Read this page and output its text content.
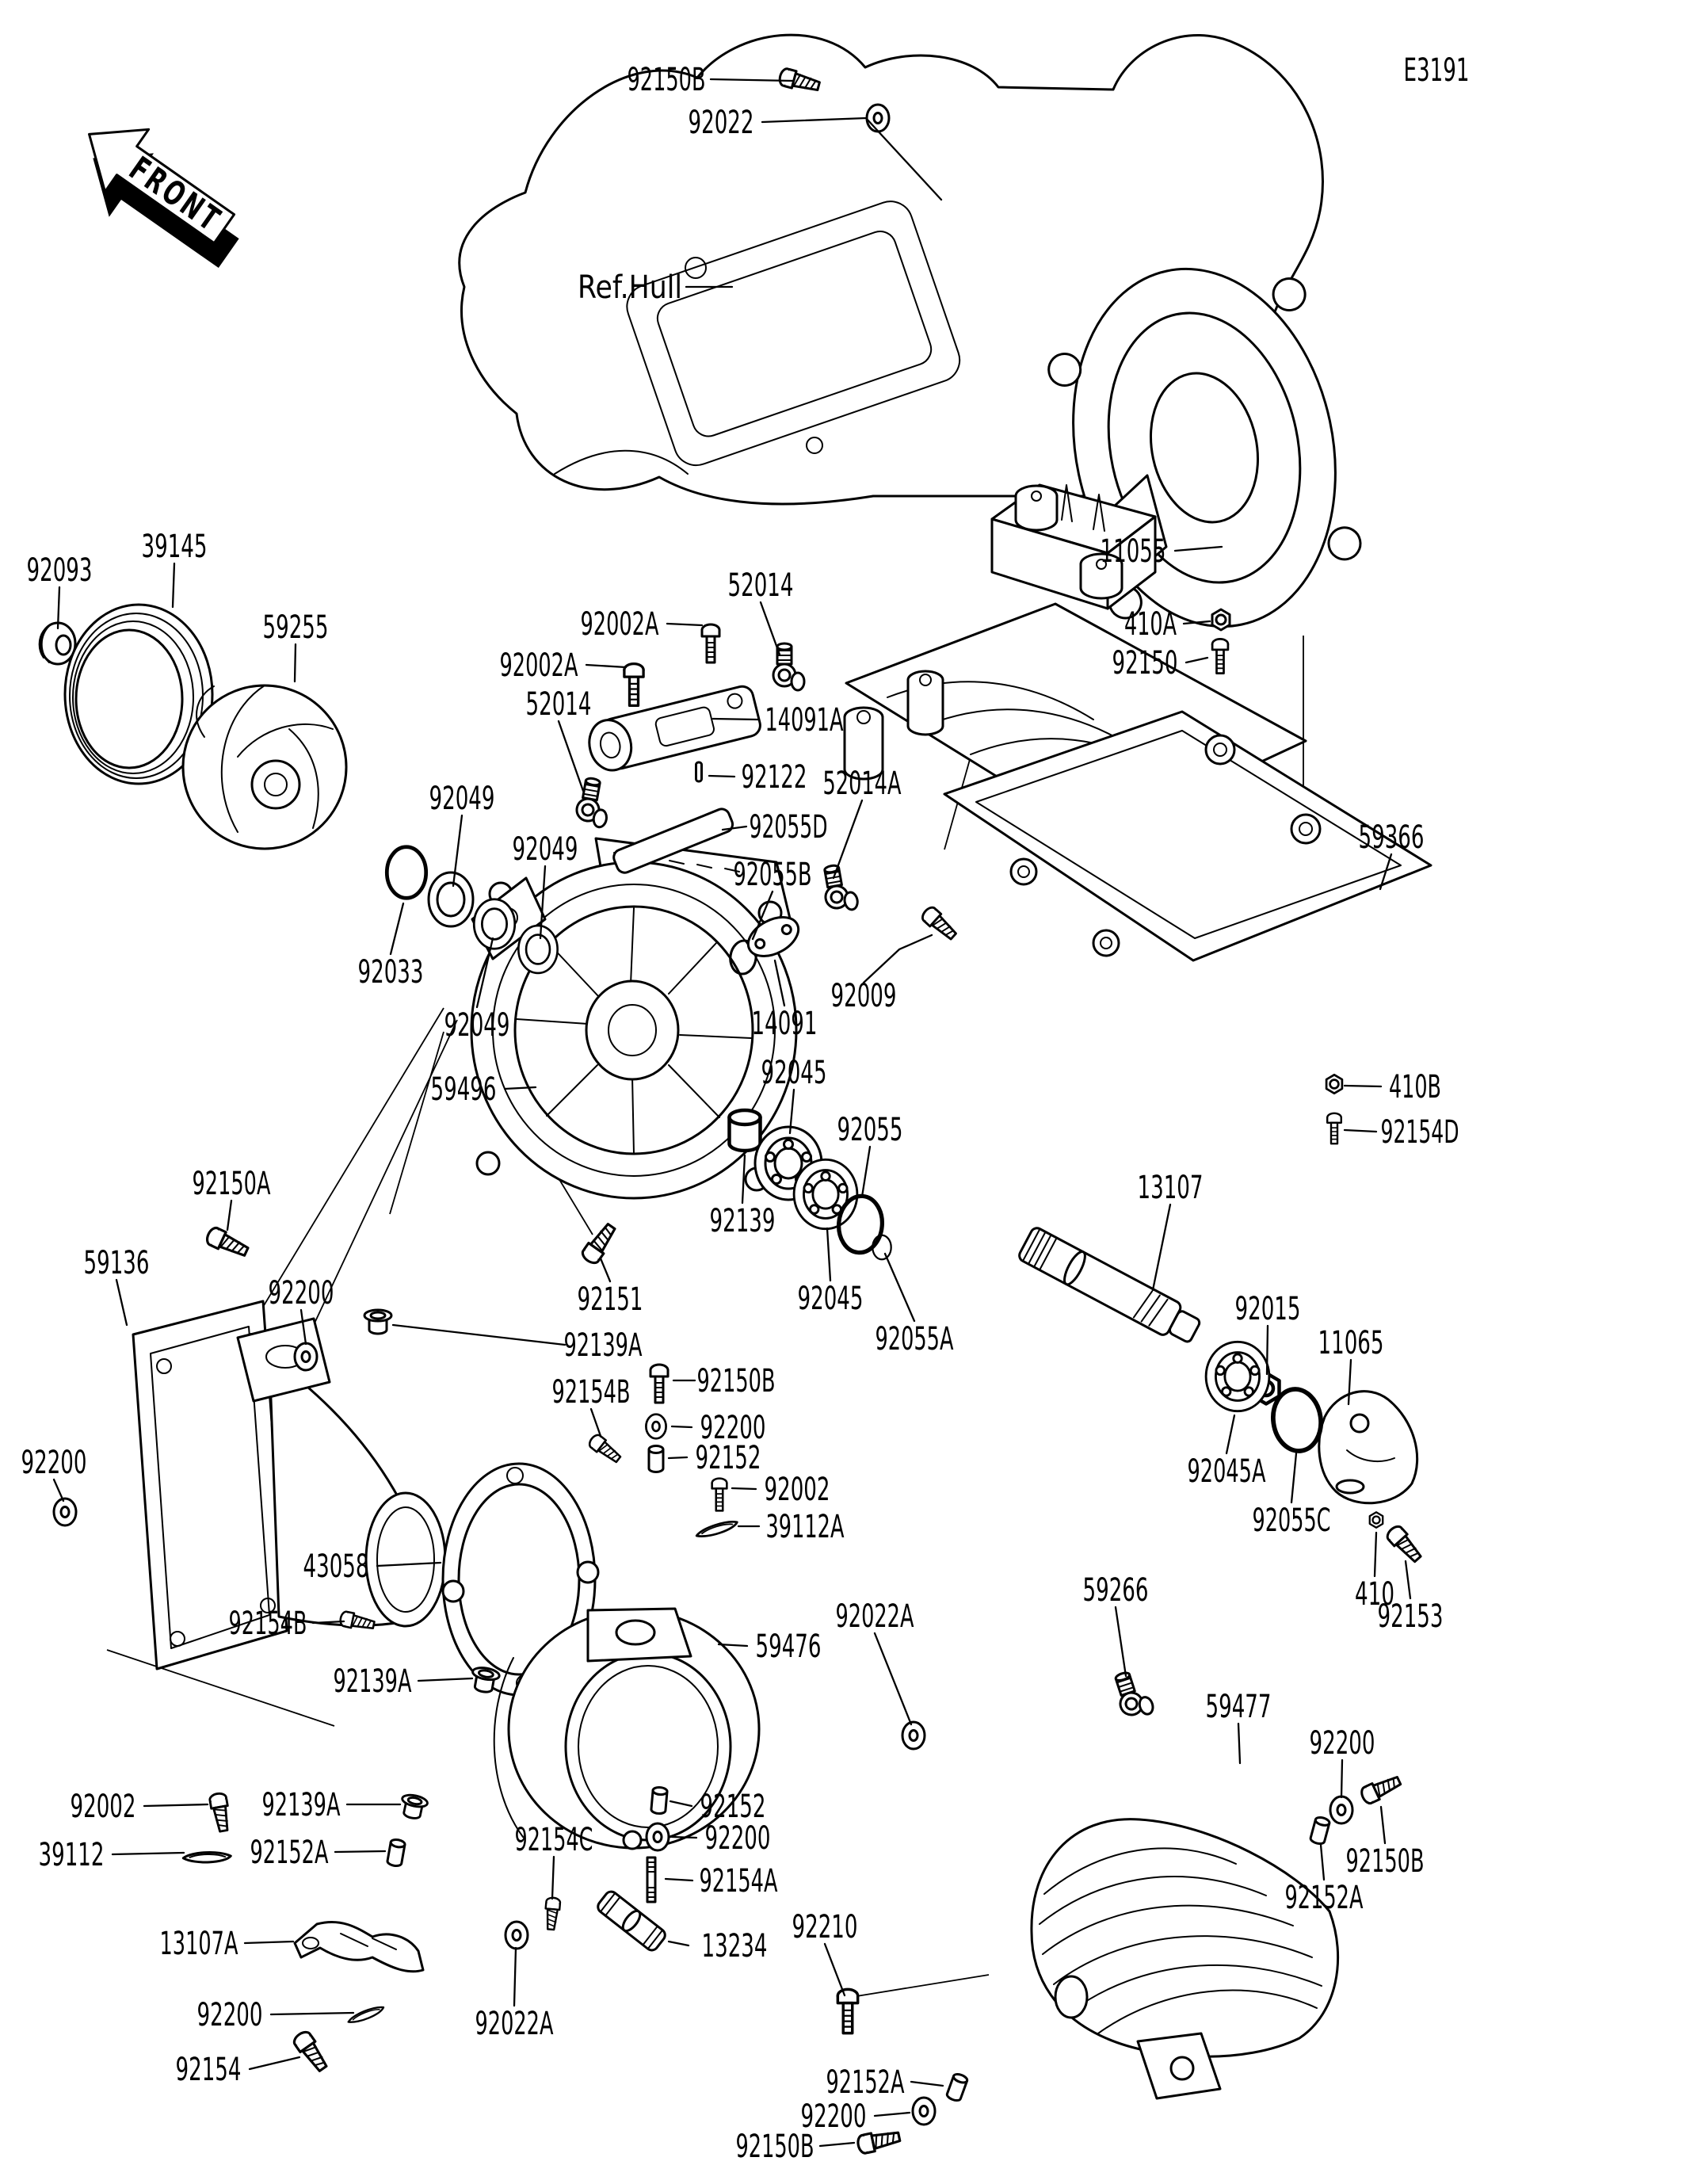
FRONT
E3191
92150B
92022
Ref.Hull
11055
410A
92150
59366
410B
92154D
92093
39145
59255	92002A
52014
92002A
52014	14091A
92122 52014A
92055D
92055B
92009
14091
92049
92049
92033
92049
59496	92045
92055
92139
92045
92055A
92151
13107
92015
11065
92045A
92055C
410
92153
92150A
59136
92200
92139A
92154B 92150B
92200
92152
92002
39112A
92200
43058
92154B
92139A
59476
92002
39112
92139A
92152A	92154C
13107A
92200
92154
92022A
92152
92200
92154A
13234
92210
92022A
59266
59477
92200
92150B
92152A
92152A
92200
92150B
